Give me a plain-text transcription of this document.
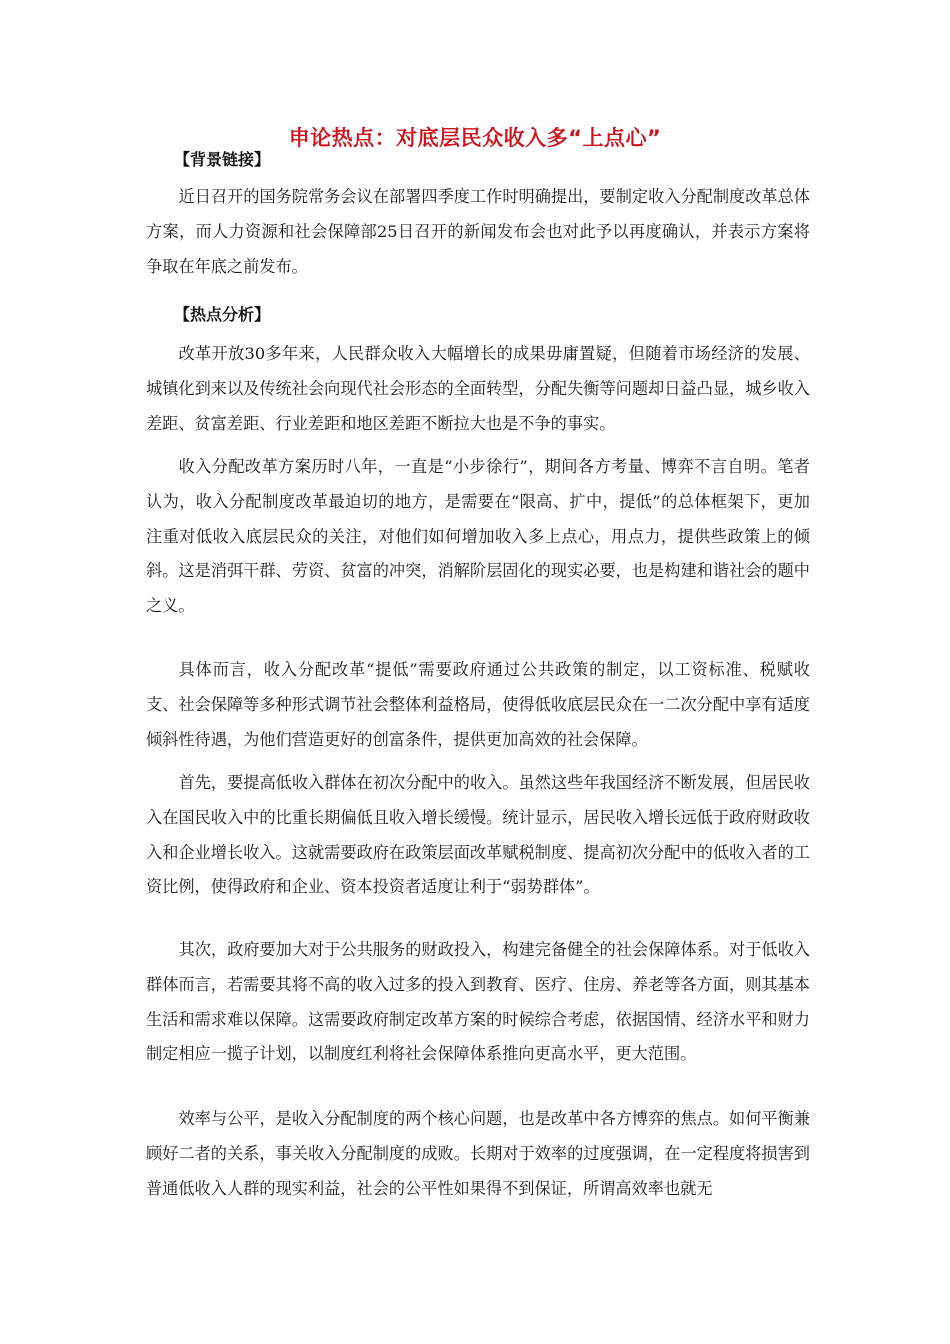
申论热点：对底层民众收入多“上点心”
【背景链接】

近日召开的国务院常务会议在部署四季度工作时明确提出，要制定收入分配制度改革总体方案，而人力资源和社会保障部25日召开的新闻发布会也对此予以再度确认，并表示方案将争取在年底之前发布。

【热点分析】

改革开放30多年来，人民群众收入大幅增长的成果毋庸置疑，但随着市场经济的发展、城镇化到来以及传统社会向现代社会形态的全面转型，分配失衡等问题却日益凸显，城乡收入差距、贫富差距、行业差距和地区差距不断拉大也是不争的事实。

收入分配改革方案历时八年，一直是“小步徐行”，期间各方考量、博弈不言自明。笔者认为，收入分配制度改革最迫切的地方，是需要在“限高、扩中，提低”的总体框架下，更加注重对低收入底层民众的关注，对他们如何增加收入多上点心，用点力，提供些政策上的倾斜。这是消弭干群、劳资、贫富的冲突，消解阶层固化的现实必要，也是构建和谐社会的题中之义。

具体而言，收入分配改革“提低”需要政府通过公共政策的制定，以工资标准、税赋收支、社会保障等多种形式调节社会整体利益格局，使得低收底层民众在一二次分配中享有适度倾斜性待遇，为他们营造更好的创富条件，提供更加高效的社会保障。

首先，要提高低收入群体在初次分配中的收入。虽然这些年我国经济不断发展，但居民收入在国民收入中的比重长期偏低且收入增长缓慢。统计显示，居民收入增长远低于政府财政收入和企业增长收入。这就需要政府在政策层面改革赋税制度、提高初次分配中的低收入者的工资比例，使得政府和企业、资本投资者适度让利于“弱势群体”。

其次，政府要加大对于公共服务的财政投入，构建完备健全的社会保障体系。对于低收入群体而言，若需要其将不高的收入过多的投入到教育、医疗、住房、养老等各方面，则其基本生活和需求难以保障。这需要政府制定改革方案的时候综合考虑，依据国情、经济水平和财力制定相应一揽子计划，以制度红利将社会保障体系推向更高水平，更大范围。

效率与公平，是收入分配制度的两个核心问题，也是改革中各方博弈的焦点。如何平衡兼顾好二者的关系，事关收入分配制度的成败。长期对于效率的过度强调，在一定程度将损害到普通低收入人群的现实利益，社会的公平性如果得不到保证，所谓高效率也就无
